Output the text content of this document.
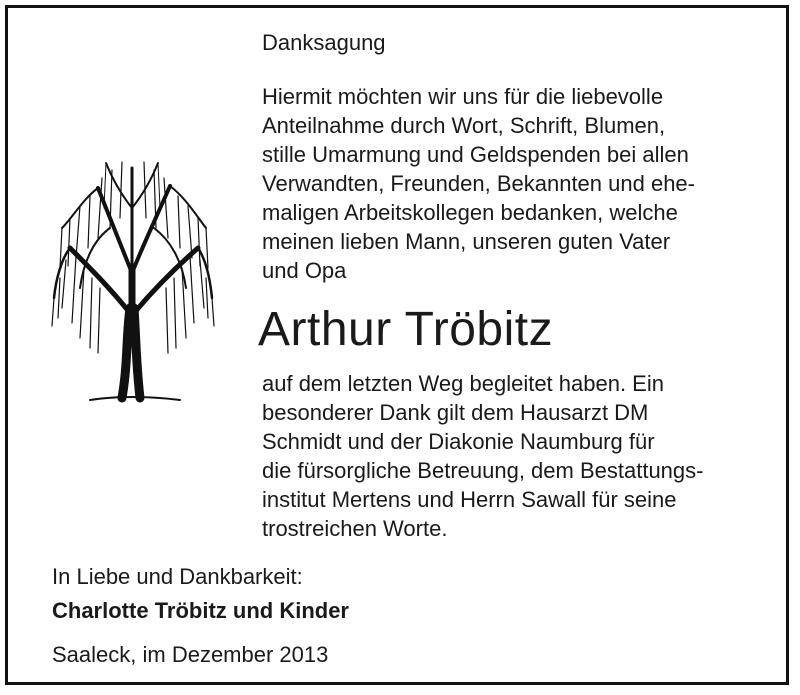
Danksagung
Hiermit möchten wir uns für die liebevolle
Anteilnahme durch Wort, Schrift, Blumen,
stille Umarmung und Geldspenden bei allen
Verwandten, Freunden, Bekannten und ehe-
maligen Arbeitskollegen bedanken, welche
meinen lieben Mann, unseren guten Vater
und Opa
Arthur Tröbitz
auf dem letzten Weg begleitet haben. Ein
besonderer Dank gilt dem Hausarzt DM
Schmidt und der Diakonie Naumburg für
die fürsorgliche Betreuung, dem Bestattungs-
institut Mertens und Herrn Sawall für seine
trostreichen Worte.
In Liebe und Dankbarkeit:
Charlotte Tröbitz und Kinder
Saaleck, im Dezember 2013
